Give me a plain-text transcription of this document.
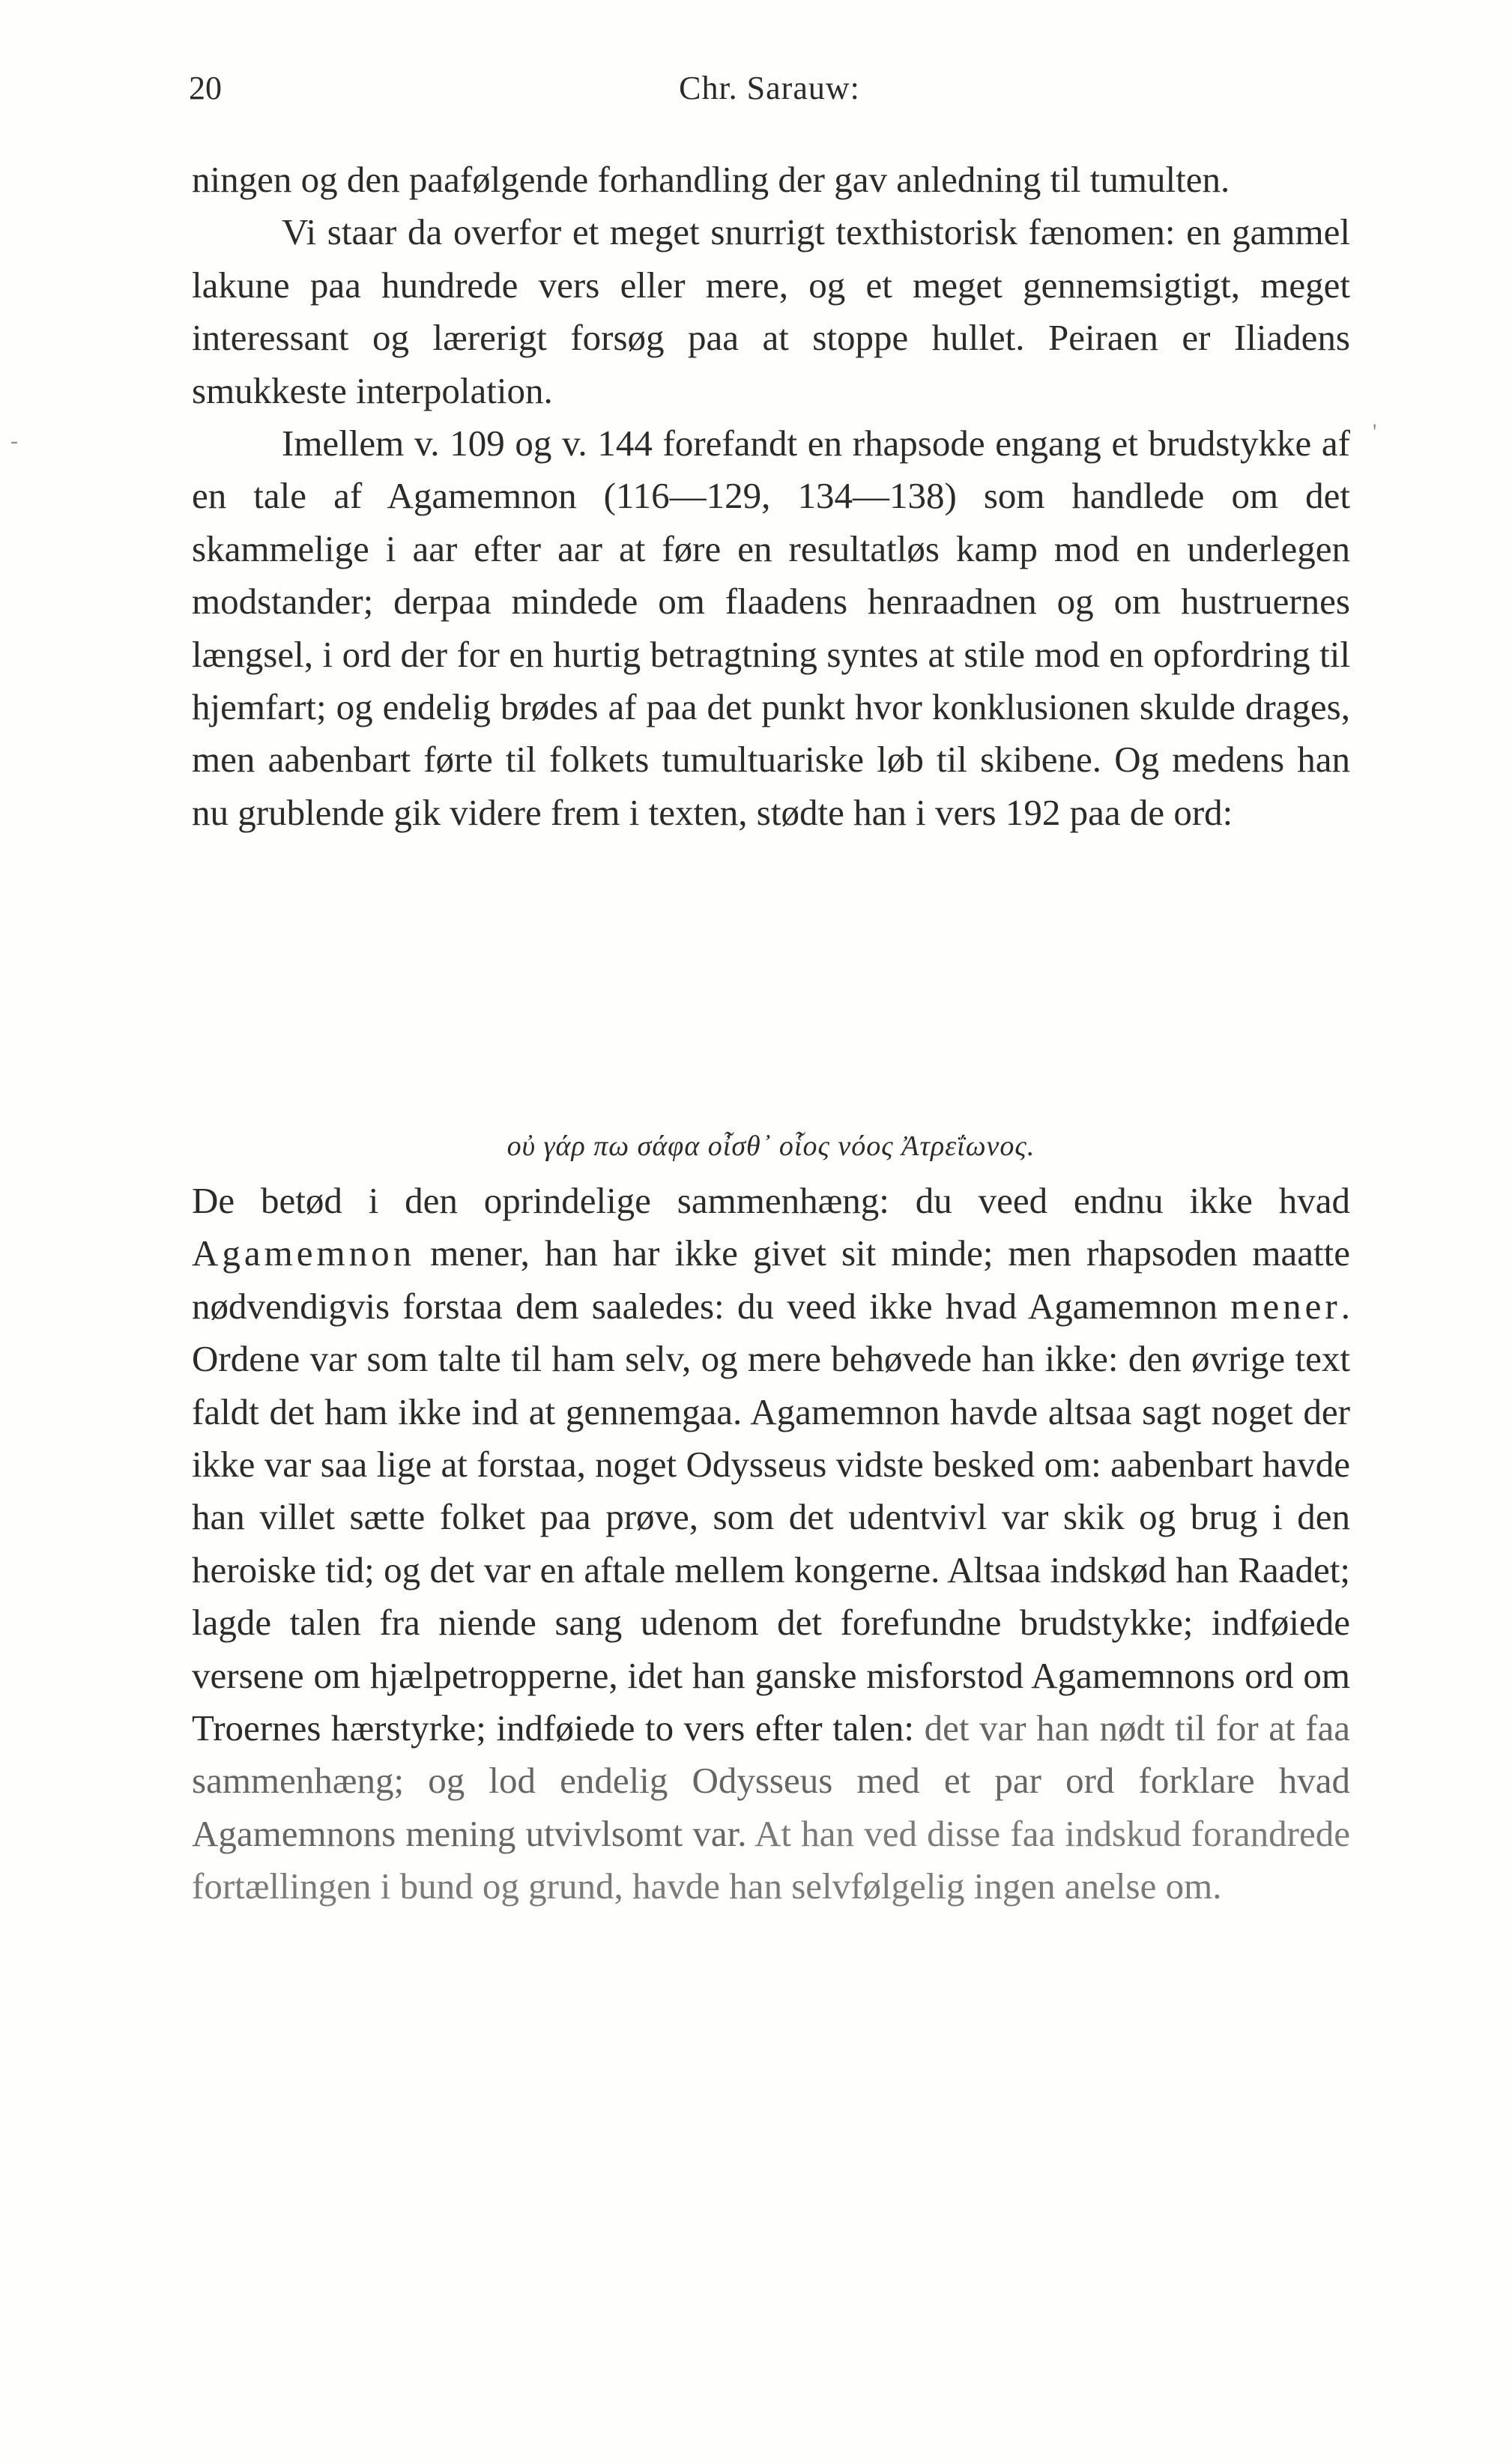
20	Chr. Sarauw:
-	'

ningen og den paafølgende forhandling der gav anledning til tumulten.

Vi staar da overfor et meget snurrigt texthistorisk fænomen: en gammel lakune paa hundrede vers eller mere, og et meget gennemsigtigt, meget interessant og lærerigt forsøg paa at stoppe hullet. Peiraen er Iliadens smukkeste interpolation.

Imellem v. 109 og v. 144 forefandt en rhapsode engang et brudstykke af en tale af Agamemnon (116—129, 134—138) som handlede om det skammelige i aar efter aar at føre en resultatløs kamp mod en underlegen modstander; derpaa mindede om flaadens henraadnen og om hustruernes længsel, i ord der for en hurtig betragtning syntes at stile mod en opfordring til hjemfart; og endelig brødes af paa det punkt hvor konklusionen skulde drages, men aabenbart førte til folkets tumultuariske løb til skibene. Og medens han nu grublende gik videre frem i texten, stødte han i vers 192 paa de ord:

οὐ γάρ πω σάφα οἶσθ᾽ οἷος νόος Ἀτρεΐωνος.

De betød i den oprindelige sammenhæng: du veed endnu ikke hvad Agamemnon mener, han har ikke givet sit minde; men rhapsoden maatte nødvendigvis forstaa dem saaledes: du veed ikke hvad Agamemnon mener. Ordene var som talte til ham selv, og mere behøvede han ikke: den øvrige text faldt det ham ikke ind at gennemgaa. Agamemnon havde altsaa sagt noget der ikke var saa lige at forstaa, noget Odysseus vidste besked om: aabenbart havde han villet sætte folket paa prøve, som det udentvivl var skik og brug i den heroiske tid; og det var en aftale mellem kongerne. Altsaa indskød han Raadet; lagde talen fra niende sang udenom det forefundne brudstykke; indføiede versene om hjælpetropperne, idet han ganske misforstod Agamemnons ord om Troernes hærstyrke; indføiede to vers efter talen: det var han nødt til for at faa sammenhæng; og lod endelig Odysseus med et par ord forklare hvad Agamemnons mening utvivlsomt var. At han ved disse faa indskud forandrede fortællingen i bund og grund, havde han selvfølgelig ingen anelse om.
